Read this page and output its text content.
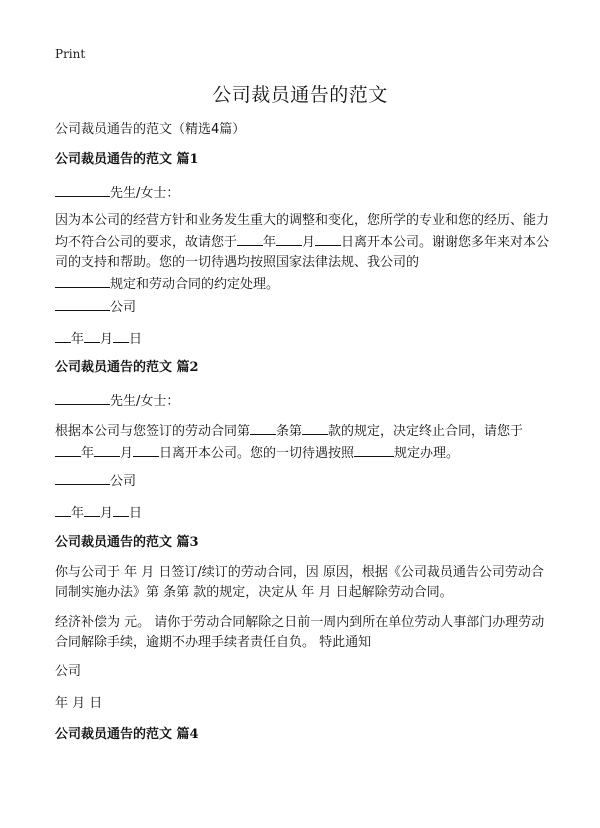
Print
公司裁员通告的范文

公司裁员通告的范文（精选4篇）

公司裁员通告的范文 篇1

先生/女士：

因为本公司的经营方针和业务发生重大的调整和变化，您所学的专业和您的经历、能力均不符合公司的要求，故请您于 年 月 日离开本公司。谢谢您多年来对本公司的支持和帮助。您的一切待遇均按照国家法律法规、我公司的
规定和劳动合同的约定处理。

公司

年 月 日

公司裁员通告的范文 篇2

先生/女士：

根据本公司与您签订的劳动合同第 条第 款的规定，决定终止合同，请您于
年 月 日离开本公司。您的一切待遇按照	规定办理。

公司

年 月 日

公司裁员通告的范文 篇3

你与公司于 年 月 日签订/续订的劳动合同，因 原因，根据《公司裁员通告公司劳动合同制实施办法》第 条第 款的规定，决定从 年 月 日起解除劳动合同。

经济补偿为 元。 请你于劳动合同解除之日前一周内到所在单位劳动人事部门办理劳动合同解除手续，逾期不办理手续者责任自负。 特此通知

公司

年 月 日

公司裁员通告的范文 篇4
